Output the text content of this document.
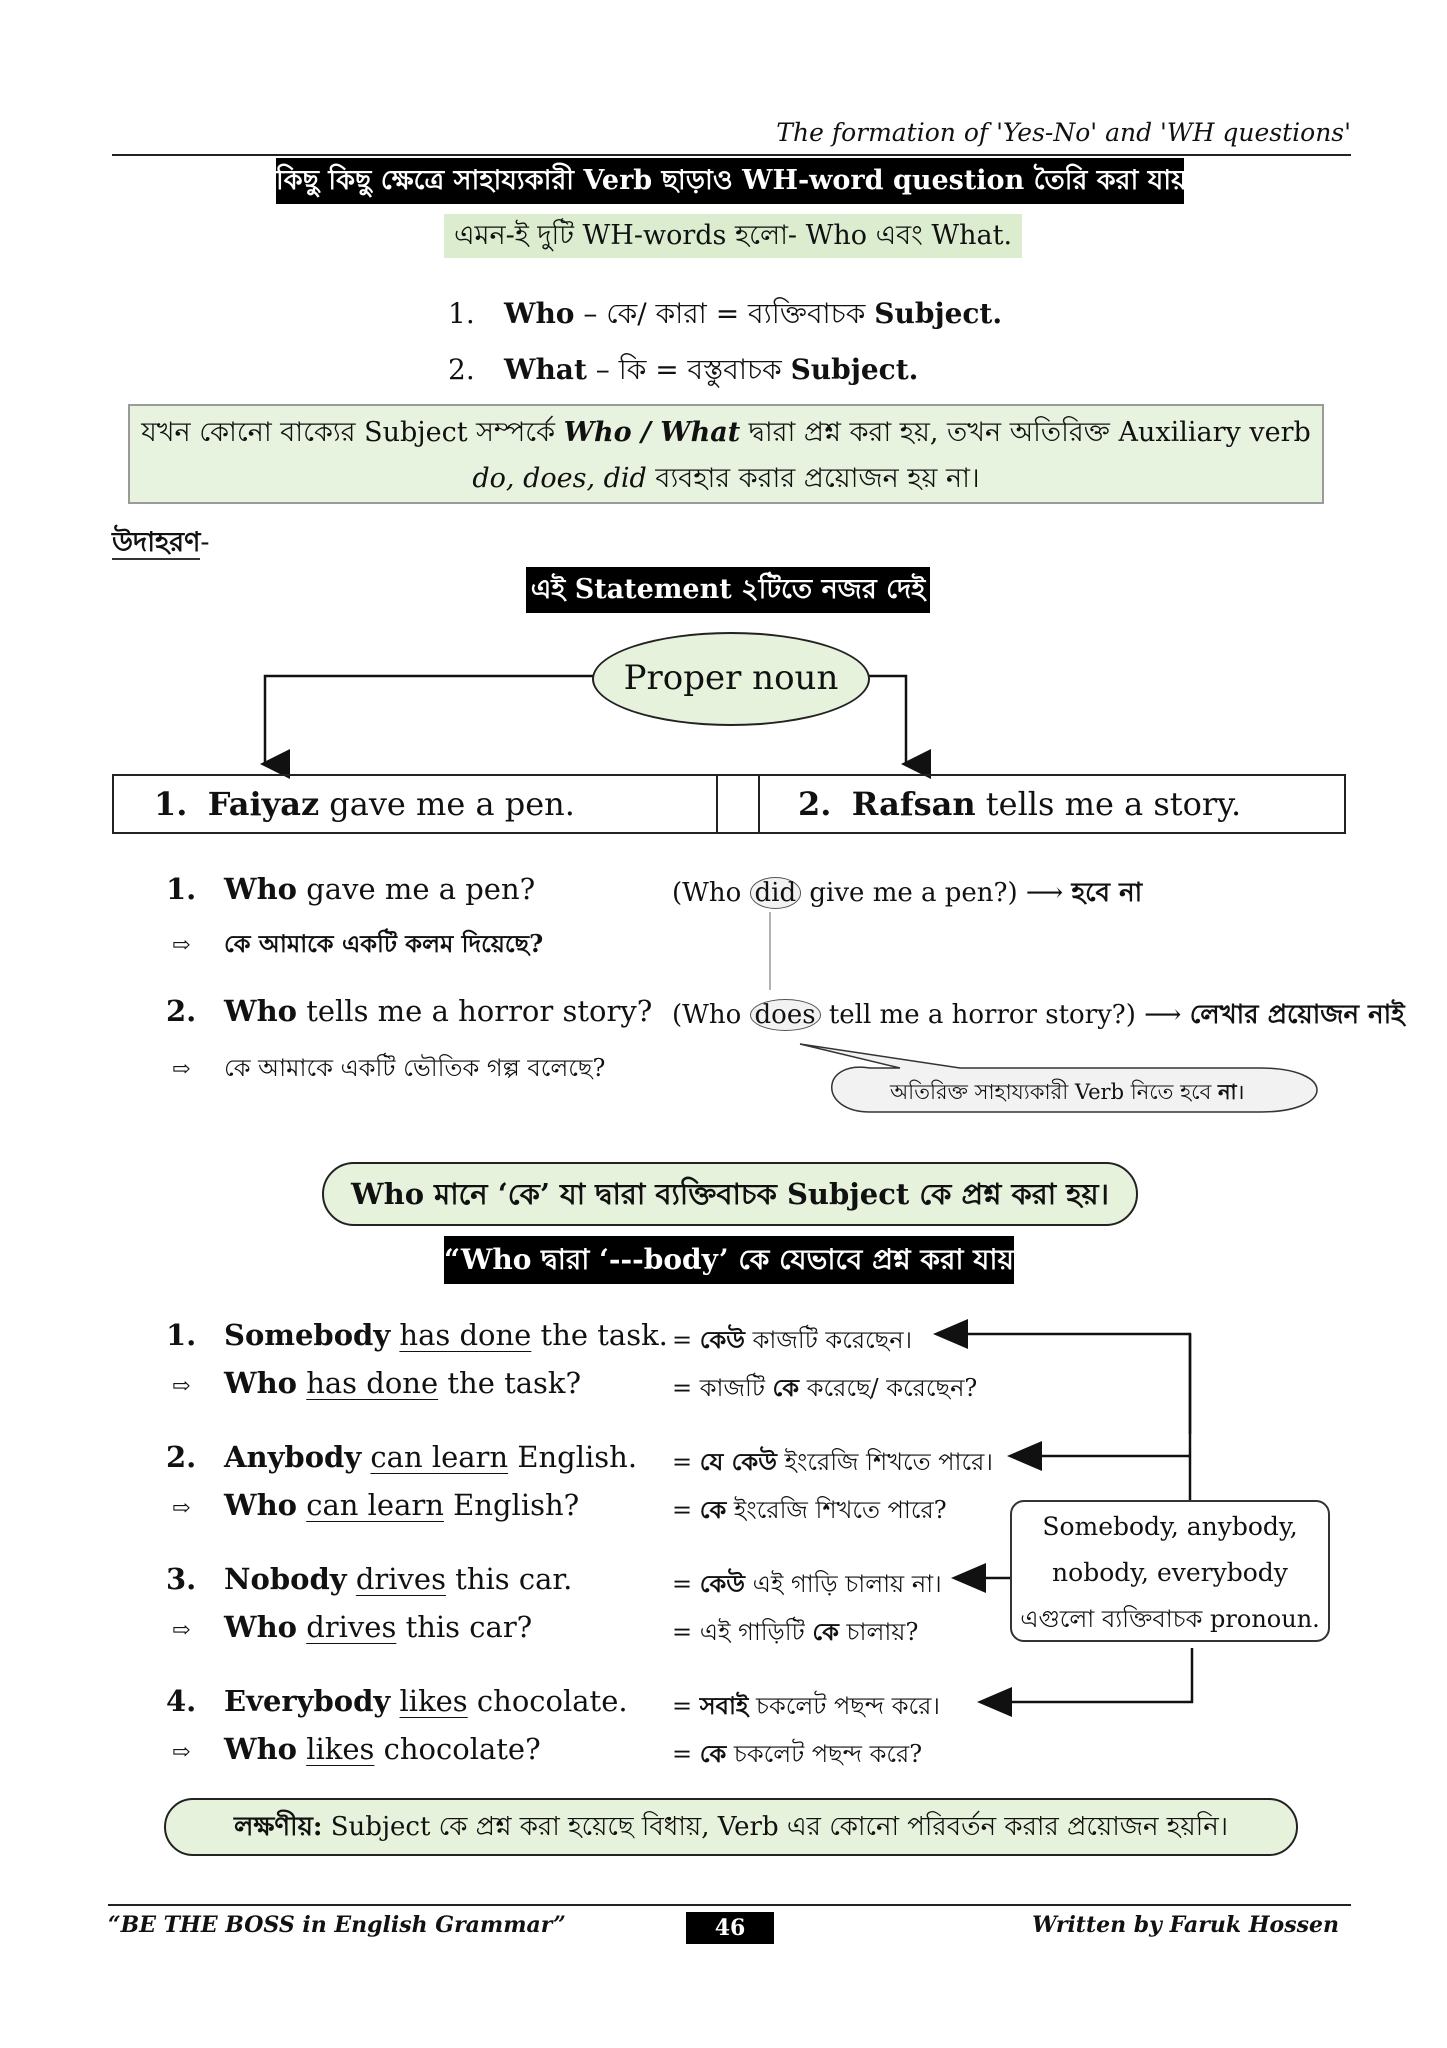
The formation of 'Yes-No' and 'WH questions'
কিছু কিছু ক্ষেত্রে সাহায্যকারী Verb ছাড়াও WH-word question তৈরি করা যায়
এমন-ই দুটি WH-words হলো- Who এবং What.
1. Who – কে/ কারা = ব্যক্তিবাচক Subject.
2. What – কি = বস্তুবাচক Subject.
যখন কোনো বাক্যের Subject সম্পর্কে Who / What দ্বারা প্রশ্ন করা হয়, তখন অতিরিক্ত Auxiliary verb
do, does, did ব্যবহার করার প্রয়োজন হয় না।
উদাহরণ-
এই Statement ২টিতে নজর দেই
Proper noun
1. Faiyaz gave me a pen.	2. Rafsan tells me a story.
1. Who gave me a pen?
⇨ কে আমাকে একটি কলম দিয়েছে?
(Who did give me a pen?) ⟶ হবে না
2. Who tells me a horror story?
⇨ কে আমাকে একটি ভৌতিক গল্প বলেছে?
(Who does tell me a horror story?) ⟶ লেখার প্রয়োজন নাই
অতিরিক্ত সাহায্যকারী Verb নিতে হবে না।
Who মানে ‘কে’ যা দ্বারা ব্যক্তিবাচক Subject কে প্রশ্ন করা হয়।
“Who দ্বারা ‘---body’ কে যেভাবে প্রশ্ন করা যায়”
1. Somebody has done the task.
⇨ Who has done the task?
= কেউ কাজটি করেছেন।
= কাজটি কে করেছে/ করেছেন?
2. Anybody can learn English.
⇨ Who can learn English?
= যে কেউ ইংরেজি শিখতে পারে।
= কে ইংরেজি শিখতে পারে?
3. Nobody drives this car.
⇨ Who drives this car?
= কেউ এই গাড়ি চালায় না।
= এই গাড়িটি কে চালায়?
4. Everybody likes chocolate.
⇨ Who likes chocolate?
= সবাই চকলেট পছন্দ করে।
= কে চকলেট পছন্দ করে?
Somebody, anybody,
nobody, everybody
এগুলো ব্যক্তিবাচক pronoun.
লক্ষণীয়: Subject কে প্রশ্ন করা হয়েছে বিধায়, Verb এর কোনো পরিবর্তন করার প্রয়োজন হয়নি।
“BE THE BOSS in English Grammar”	46	Written by Faruk Hossen
